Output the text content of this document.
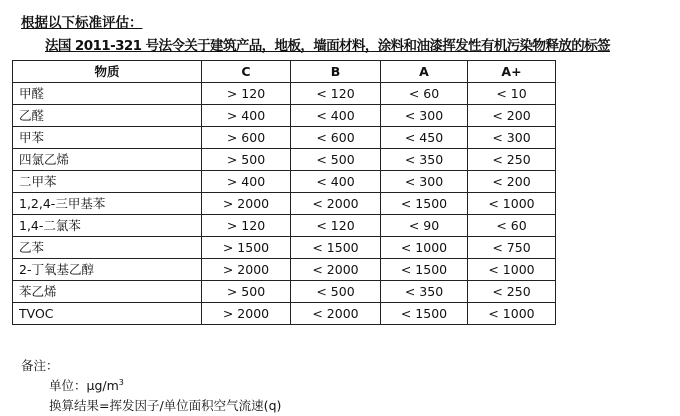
根据以下标准评估：
法国 2011-321 号法令关于建筑产品，地板，墙面材料，涂料和油漆挥发性有机污染物释放的标签
物质	C	B	A	A+
甲醛	> 120	< 120	< 60	< 10
乙醛	> 400	< 400	< 300	< 200
甲苯	> 600	< 600	< 450	< 300
四氯乙烯	> 500	< 500	< 350	< 250
二甲苯	> 400	< 400	< 300	< 200
1,2,4-三甲基苯	> 2000	< 2000	< 1500	< 1000
1,4-二氯苯	> 120	< 120	< 90	< 60
乙苯	> 1500	< 1500	< 1000	< 750
2-丁氧基乙醇	> 2000	< 2000	< 1500	< 1000
苯乙烯	> 500	< 500	< 350	< 250
TVOC	> 2000	< 2000	< 1500	< 1000
备注：
单位：$\mu g/m^3$
换算结果=挥发因子/单位面积空气流速(q)
